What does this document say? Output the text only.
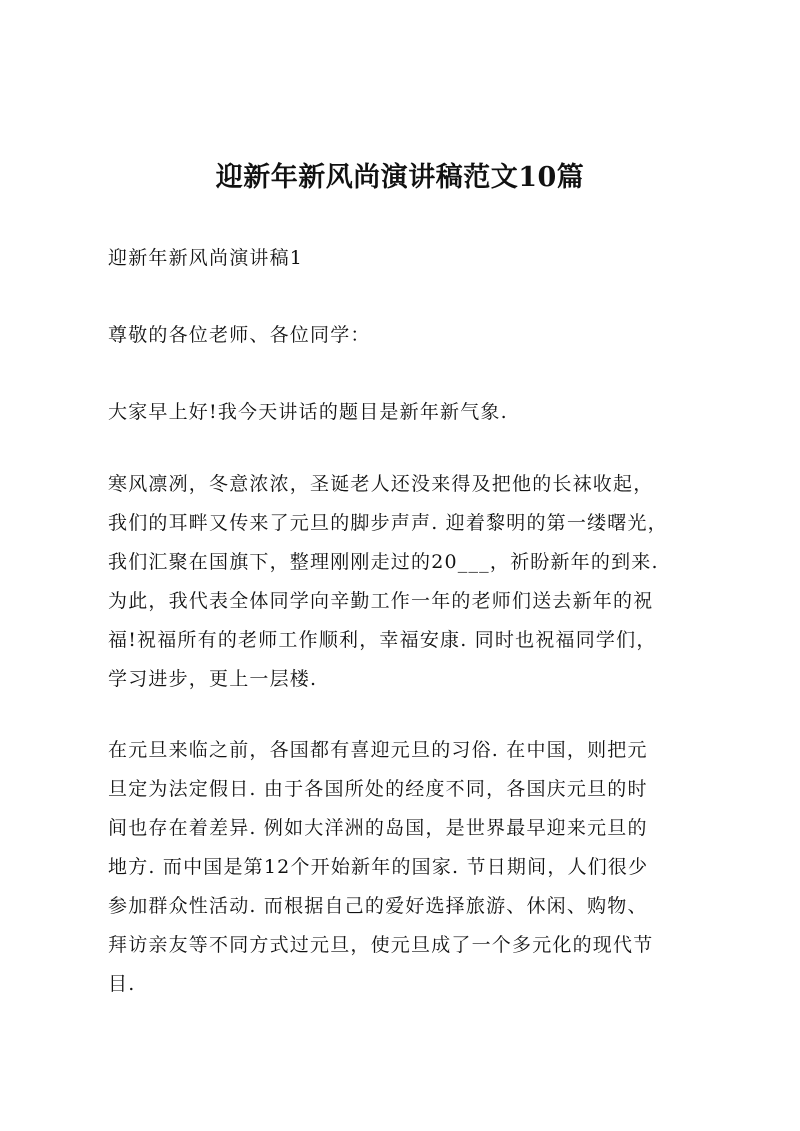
迎新年新风尚演讲稿范文10篇
迎新年新风尚演讲稿1
尊敬的各位老师、各位同学：
大家早上好!我今天讲话的题目是新年新气象.
寒风凛冽，冬意浓浓，圣诞老人还没来得及把他的长袜收起，
我们的耳畔又传来了元旦的脚步声声. 迎着黎明的第一缕曙光，
我们汇聚在国旗下，整理刚刚走过的20___，祈盼新年的到来.
为此，我代表全体同学向辛勤工作一年的老师们送去新年的祝
福!祝福所有的老师工作顺利，幸福安康. 同时也祝福同学们，
学习进步，更上一层楼.
在元旦来临之前，各国都有喜迎元旦的习俗. 在中国，则把元
旦定为法定假日. 由于各国所处的经度不同，各国庆元旦的时
间也存在着差异. 例如大洋洲的岛国，是世界最早迎来元旦的
地方. 而中国是第12个开始新年的国家. 节日期间，人们很少
参加群众性活动. 而根据自己的爱好选择旅游、休闲、购物、
拜访亲友等不同方式过元旦，使元旦成了一个多元化的现代节
目.
